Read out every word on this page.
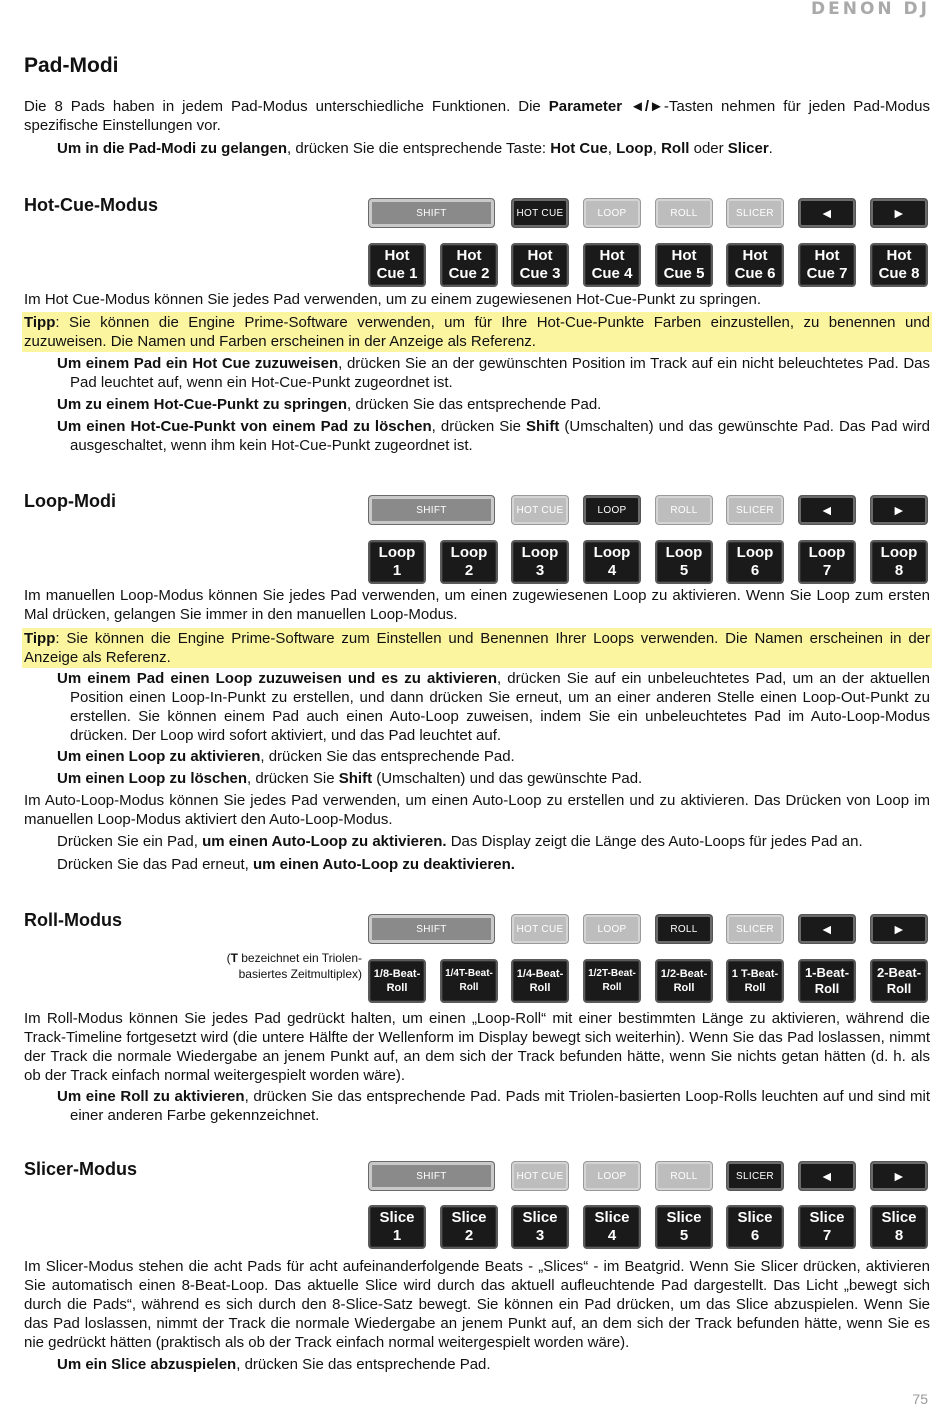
DENON DJ
Pad-Modi
Die 8 Pads haben in jedem Pad-Modus unterschiedliche Funktionen. Die Parameter ◄/►-Tasten nehmen für jeden Pad-Modus spezifische Einstellungen vor.
Um in die Pad-Modi zu gelangen, drücken Sie die entsprechende Taste: Hot Cue, Loop, Roll oder Slicer.
Hot-Cue-Modus	SHIFT	HOT CUE	LOOP	ROLL	SLICER	◄	►
Hot
Cue 1
Hot
Cue 2
Hot
Cue 3
Hot
Cue 4
Hot
Cue 5
Hot
Cue 6
Hot
Cue 7
Hot
Cue 8
Im Hot Cue-Modus können Sie jedes Pad verwenden, um zu einem zugewiesenen Hot-Cue-Punkt zu springen.
Tipp: Sie können die Engine Prime-Software verwenden, um für Ihre Hot-Cue-Punkte Farben einzustellen, zu benennen und zuzuweisen. Die Namen und Farben erscheinen in der Anzeige als Referenz.
Um einem Pad ein Hot Cue zuzuweisen, drücken Sie an der gewünschten Position im Track auf ein nicht beleuchtetes Pad. Das Pad leuchtet auf, wenn ein Hot-Cue-Punkt zugeordnet ist.
Um zu einem Hot-Cue-Punkt zu springen, drücken Sie das entsprechende Pad.
Um einen Hot-Cue-Punkt von einem Pad zu löschen, drücken Sie Shift (Umschalten) und das gewünschte Pad. Das Pad wird ausgeschaltet, wenn ihm kein Hot-Cue-Punkt zugeordnet ist.
Loop-Modi	SHIFT	HOT CUE	LOOP	ROLL	SLICER	◄	►
Loop
1
Loop
2
Loop
3
Loop
4
Loop
5
Loop
6
Loop
7
Loop
8
Im manuellen Loop-Modus können Sie jedes Pad verwenden, um einen zugewiesenen Loop zu aktivieren. Wenn Sie Loop zum ersten Mal drücken, gelangen Sie immer in den manuellen Loop-Modus.
Tipp: Sie können die Engine Prime-Software zum Einstellen und Benennen Ihrer Loops verwenden. Die Namen erscheinen in der Anzeige als Referenz.
Um einem Pad einen Loop zuzuweisen und es zu aktivieren, drücken Sie auf ein unbeleuchtetes Pad, um an der aktuellen Position einen Loop-In-Punkt zu erstellen, und dann drücken Sie erneut, um an einer anderen Stelle einen Loop-Out-Punkt zu erstellen. Sie können einem Pad auch einen Auto-Loop zuweisen, indem Sie ein unbeleuchtetes Pad im Auto-Loop-Modus drücken. Der Loop wird sofort aktiviert, und das Pad leuchtet auf.
Um einen Loop zu aktivieren, drücken Sie das entsprechende Pad.
Um einen Loop zu löschen, drücken Sie Shift (Umschalten) und das gewünschte Pad.
Im Auto-Loop-Modus können Sie jedes Pad verwenden, um einen Auto-Loop zu erstellen und zu aktivieren. Das Drücken von Loop im manuellen Loop-Modus aktiviert den Auto-Loop-Modus.
Drücken Sie ein Pad, um einen Auto-Loop zu aktivieren. Das Display zeigt die Länge des Auto-Loops für jedes Pad an.
Drücken Sie das Pad erneut, um einen Auto-Loop zu deaktivieren.
Roll-Modus	SHIFT	HOT CUE	LOOP	ROLL	SLICER	◄	►
(T bezeichnet ein Triolen-
basiertes Zeitmultiplex) 1/8-Beat-
Roll
1/4T-Beat-
Roll
1/4-Beat-
Roll
1/2T-Beat-
Roll
1/2-Beat-
Roll
1 T-Beat-
Roll
1-Beat-
Roll
2-Beat-
Roll
Im Roll-Modus können Sie jedes Pad gedrückt halten, um einen „Loop-Roll“ mit einer bestimmten Länge zu aktivieren, während die Track-Timeline fortgesetzt wird (die untere Hälfte der Wellenform im Display bewegt sich weiterhin). Wenn Sie das Pad loslassen, nimmt der Track die normale Wiedergabe an jenem Punkt auf, an dem sich der Track befunden hätte, wenn Sie nichts getan hätten (d. h. als ob der Track einfach normal weitergespielt worden wäre).
Um eine Roll zu aktivieren, drücken Sie das entsprechende Pad. Pads mit Triolen-basierten Loop-Rolls leuchten auf und sind mit einer anderen Farbe gekennzeichnet.
Slicer-Modus	SHIFT	HOT CUE	LOOP	ROLL	SLICER	◄	►
Slice
1
Slice
2
Slice
3
Slice
4
Slice
5
Slice
6
Slice
7
Slice
8
Im Slicer-Modus stehen die acht Pads für acht aufeinanderfolgende Beats - „Slices“ - im Beatgrid. Wenn Sie Slicer drücken, aktivieren Sie automatisch einen 8-Beat-Loop. Das aktuelle Slice wird durch das aktuell aufleuchtende Pad dargestellt. Das Licht „bewegt sich durch die Pads“, während es sich durch den 8-Slice-Satz bewegt. Sie können ein Pad drücken, um das Slice abzuspielen. Wenn Sie das Pad loslassen, nimmt der Track die normale Wiedergabe an jenem Punkt auf, an dem sich der Track befunden hätte, wenn Sie es nie gedrückt hätten (praktisch als ob der Track einfach normal weitergespielt worden wäre).
Um ein Slice abzuspielen, drücken Sie das entsprechende Pad.
75
